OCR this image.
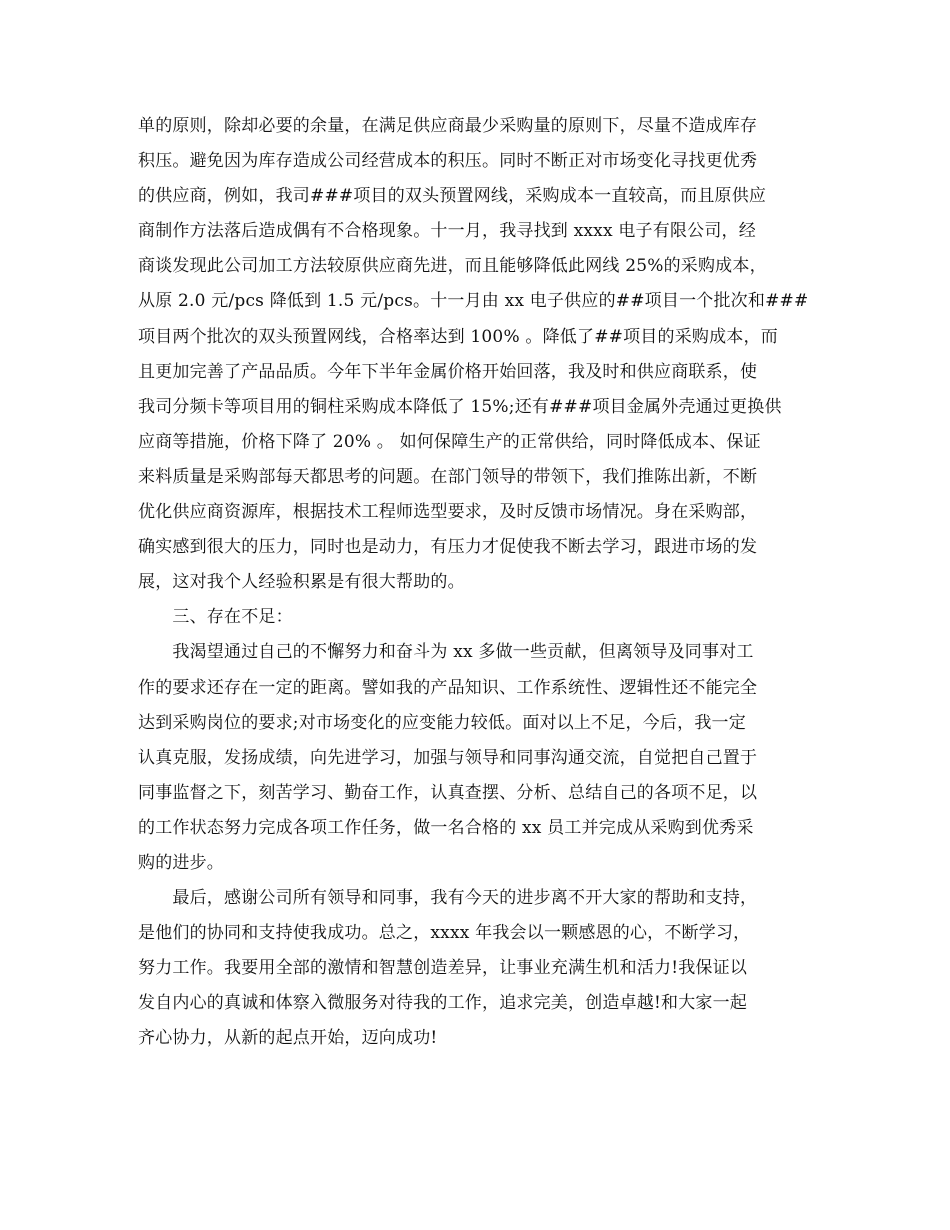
单的原则，除却必要的余量，在满足供应商最少采购量的原则下，尽量不造成库存
积压。避免因为库存造成公司经营成本的积压。同时不断正对市场变化寻找更优秀
的供应商，例如，我司###项目的双头预置网线，采购成本一直较高，而且原供应
商制作方法落后造成偶有不合格现象。十一月，我寻找到 xxxx 电子有限公司，经
商谈发现此公司加工方法较原供应商先进，而且能够降低此网线 25%的采购成本，
从原 2.0 元/pcs 降低到 1.5 元/pcs。十一月由 xx 电子供应的##项目一个批次和###
项目两个批次的双头预置网线，合格率达到 100% 。降低了##项目的采购成本，而
且更加完善了产品品质。今年下半年金属价格开始回落，我及时和供应商联系，使
我司分频卡等项目用的铜柱采购成本降低了 15%;还有###项目金属外壳通过更换供
应商等措施，价格下降了 20% 。 如何保障生产的正常供给，同时降低成本、保证
来料质量是采购部每天都思考的问题。在部门领导的带领下，我们推陈出新，不断
优化供应商资源库，根据技术工程师选型要求，及时反馈市场情况。身在采购部，
确实感到很大的压力，同时也是动力，有压力才促使我不断去学习，跟进市场的发
展，这对我个人经验积累是有很大帮助的。
　　三、存在不足：
　　我渴望通过自己的不懈努力和奋斗为 xx 多做一些贡献，但离领导及同事对工
作的要求还存在一定的距离。譬如我的产品知识、工作系统性、逻辑性还不能完全
达到采购岗位的要求;对市场变化的应变能力较低。面对以上不足，今后，我一定
认真克服，发扬成绩，向先进学习，加强与领导和同事沟通交流，自觉把自己置于
同事监督之下，刻苦学习、勤奋工作，认真查摆、分析、总结自己的各项不足，以
的工作状态努力完成各项工作任务，做一名合格的 xx 员工并完成从采购到优秀采
购的进步。
　　最后，感谢公司所有领导和同事，我有今天的进步离不开大家的帮助和支持，
是他们的协同和支持使我成功。总之，xxxx 年我会以一颗感恩的心，不断学习，
努力工作。我要用全部的激情和智慧创造差异，让事业充满生机和活力!我保证以
发自内心的真诚和体察入微服务对待我的工作，追求完美，创造卓越!和大家一起
齐心协力，从新的起点开始，迈向成功!
